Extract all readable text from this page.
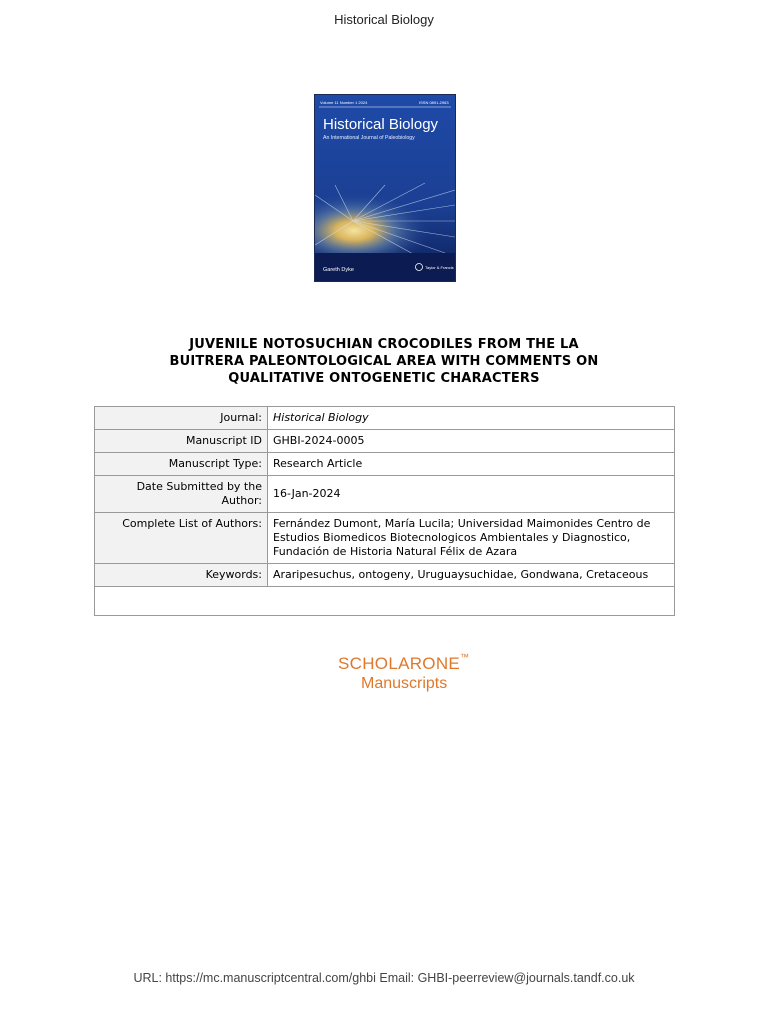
Historical Biology
Volume 11 Number 1 2024	ISSN 0891-2963
Historical Biology
An International Journal of Paleobiology
Gareth Dyke	Taylor & Francis
JUVENILE NOTOSUCHIAN CROCODILES FROM THE LA
BUITRERA PALEONTOLOGICAL AREA WITH COMMENTS ON
QUALITATIVE ONTOGENETIC CHARACTERS
Journal:	Historical Biology
Manuscript ID	GHBI-2024-0005
Manuscript Type:	Research Article

Date Submitted by the
Author:	16-Jan-2024
Complete List of Authors:	Fernández Dumont, María Lucila; Universidad Maimonides Centro de
Estudios Biomedicos Biotecnologicos Ambientales y Diagnostico,
Fundación de Historia Natural Félix de Azara

Keywords:	Araripesuchus, ontogeny, Uruguaysuchidae, Gondwana, Cretaceous

SCHOLARONE™
Manuscripts
URL: https://mc.manuscriptcentral.com/ghbi Email: GHBI-peerreview@journals.tandf.co.uk
